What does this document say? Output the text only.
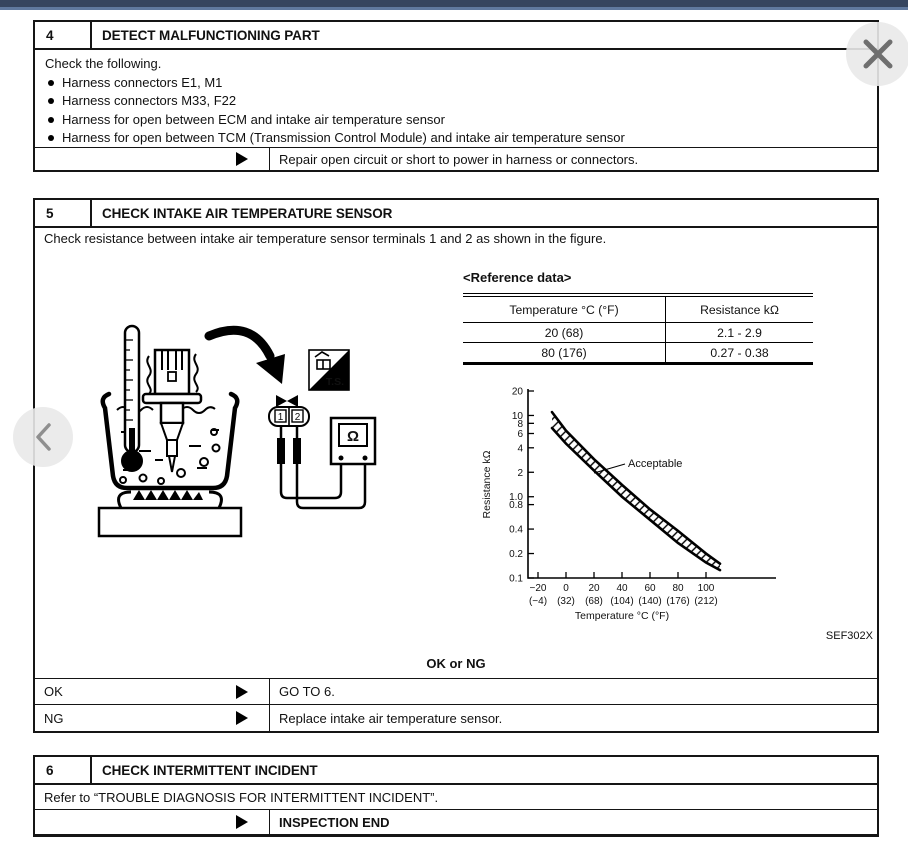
4	DETECT MALFUNCTIONING PART
Check the following.
Harness connectors E1, M1
Harness connectors M33, F22
Harness for open between ECM and intake air temperature sensor
Harness for open between TCM (Transmission Control Module) and intake air temperature sensor
Repair open circuit or short to power in harness or connectors.
5	CHECK INTAKE AIR TEMPERATURE SENSOR
Check resistance between intake air temperature sensor terminals 1 and 2 as shown in the figure.
T.S.
1 2
Ω
<Reference data>
Temperature °C (°F)	Resistance kΩ
20 (68)	2.1 - 2.9
80 (176)	0.27 - 0.38
20
10
8
6
4
2
1.0
0.8
0.4
0.2
0.1
−20
(−4)
0
(32)
20
(68)
40
(104)
60
(140)
80
(176)
100
(212)
Temperature °C (°F)
Resistance kΩ	Acceptable
SEF302X
OK or NG
OK	GO TO 6.
NG	Replace intake air temperature sensor.
6	CHECK INTERMITTENT INCIDENT
Refer to “TROUBLE DIAGNOSIS FOR INTERMITTENT INCIDENT”.
INSPECTION END
